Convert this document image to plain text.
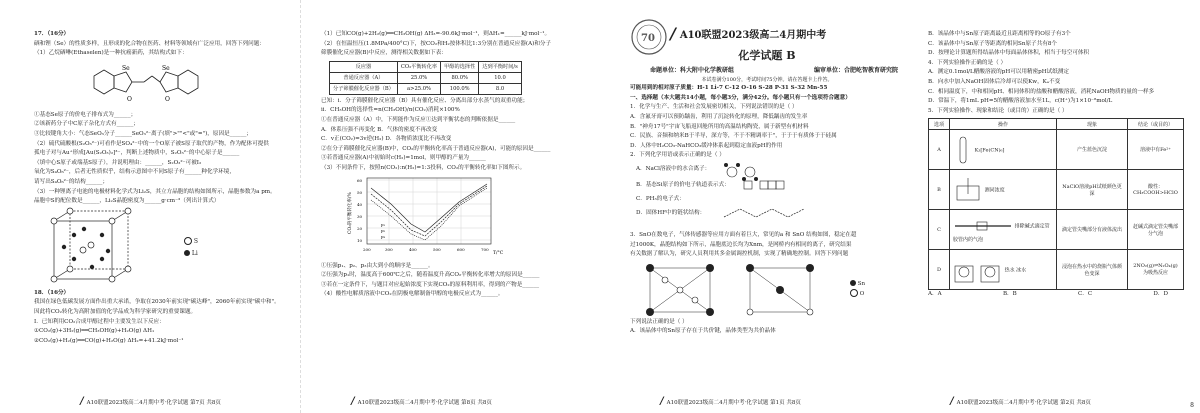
17．（16分）
硒和锂（Se）的性质多样，且形成的化合物在医药、材料等领域有广泛应用，回答下列问题：
（1）乙烷硒啉(Ethaselen)是一种抗癌新药，其结构式如下：
Se	Se
O	O
①基态Se原子的价电子排布式为______；
②该新药分子中C原子杂化方式有______；
③比较键角大小：气态SeO₃分子______SeO₃²⁻离子(填">""<"或"=")，原因是______；
（2）硫代硫酸根(S₂O₃²⁻)可看作是SO₄²⁻中的一个O原子被S原子取代的产物，作为配体可提供
孤电子对与Au⁺形成[Au(S₂O₃)₂]³⁻，判断上述物质中，S₂O₃²⁻的中心原子是______
（填中心S原子或端基S原子），并说明理由：______，S₂O₃²⁻可被I₂
氧化为S₄O₆²⁻，后者无性质似乎，结构示意图中不同S原子有______种化学环境，
请写出S₄O₆²⁻的结构______；
（3）一种锂离子电池的电极材料化学式为Li₂S，其立方晶胞的结构如图所示，晶胞参数为a pm。
晶胞中S的配位数是______，Li₂S晶胞密度为______g·cm⁻³（列出计算式）
S
Li
18．（16分）
我国在绿色低碳发展方面作出重大承诺，争取在2030年前实现"碳达峰"，2060年前实现"碳中和"。
因此将CO₂转化为高附加值的化学品成为科学家研究的重要课题。
Ⅰ．已知利用CO₂合成甲醇过程中主要发生以下反应：
①CO₂(g)+3H₂(g)══CH₃OH(g)+H₂O(g) ΔH₁
②CO₂(g)+H₂(g)══CO(g)+H₂O(g) ΔH₂=+41.2kJ·mol⁻¹
/ A10联盟2023级高二4月期中考·化学试题 第7页 共8页
（1）已知CO(g)+2H₂(g)══CH₃OH(g) ΔH₃=-90.6kJ·mol⁻¹，则ΔH₁=______kJ·mol⁻¹。
（2）在恒温恒压(1.8MPa/400°C)下，按CO₂和H₂按体积比1:3分别在普通反应器(A)和分子
筛膜催化反应器(B)中反应，测得相关数据如下表：
反应器	CO₂平衡转化率	甲醇的选择性	达到平衡时间/s
普通反应器（A）	25.0%	80.0%	10.0
分子筛膜催化反应器（B）	a>25.0%	100.0%	8.0
已知：i．分子筛膜催化反应器（B）具有催化反应、分离出部分水蒸气的双重功能；
ii．CH₃OH的选择性=n(CH₃OH)/n(CO₂)消耗×100%
①在普通反应器（A）中，下列能作为反应①达到平衡状态的判断依据是______
A．体系压强不再变化 B．气体的密度不再改变
C．v正(CO₂)=3v逆(H₂) D．各物质浓度比不再改变
②在分子筛膜催化反应器(B)中，CO₂的平衡转化率高于普通反应器(A)，可能的原因是______
③若普通反应器(A)中初始时c(H₂)=1mol，则甲醇的产量为______
（3）不同条件下，按照n(CO₂):n(H₂)=1:3投料，CO₂的平衡转化率如下图所示。
CO₂的平衡转化率/%
60
50
40
30
20
10
200	300	400	500	600	700
T/°C
p₁
p₂
p₃
①压强p₁、p₂、p₃由大到小的顺序是______。
②压强为p₁时，温度高于600℃之后，随着温度升高CO₂平衡转化率增大的原因是______
③若在一定条件下，与题目对应起始浓度下实现CO₂的原料利用率，得到的产物是______
（4）酸性电解质溶液中CO₂在阴极电解制备甲醇的电极反应式为______。
/ A10联盟2023级高二4月期中考·化学试题 第8页 共8页
70 / A10联盟2023级高二4月期中考
化学试题 B
命题单位：科大附中化学教研组	编审单位：合肥屹智教育研究院
本试卷满分100分，考试时间75分钟。请在答题卡上作答。
可能用到的相对原子质量：H-1 Li-7 C-12 O-16 S-28 P-31 S-32 Mn-55
一、选择题（本大题共14小题，每小题3分，满分42分。每小题只有一个选项符合题意）
1．化学与生产、生活和社会发展密切相关，下列说法错误的是（ ）
A．含氟牙膏可以预防龋齿，利用了沉淀转化的原理，降低龋齿的发生率
B．"神舟17号"宇宙飞船返回舱所用的高温结构陶瓷，属于新型有机材料
C．民族、音频和纳米B于半导，深方等，不于不精调率于"，于于于有质体于于硅属
D．人体中H₂CO₃-NaHCO₃缓冲体系起到稳定血液pH的作用
2．下列化学用语或表示正确的是（ ）
A．NaCl溶液中的水合离子：
B．基态Si原子的价电子轨道表示式：
C．PH₃的电子式：
D．固体HF中的链状结构：
3．SnO在数电子，气体传感器等应用方面有着巨大，常见的a 和 SnO 结构如图，稳定在超
过1000K，晶胞结构如下所示，晶胞底边长均为Xnm，是网桥内有相同的离子，研究结果
有关数据了解认为，研究人员利用其多金属调控机制，实现了精确地控制。回答下列问题
Sn
O
下列说法正确的是（ ）
A．该晶体中的Sn原子存在于共价键，晶体类型为共价晶体
/ A10联盟2023级高二4月期中考·化学试题 第1页 共8页
B．该晶体中与Sn原子距离最近且距离相等的O原子有3个
C．该晶体中与Sn原子等距离的相同Sn原子共有8个
D．按理论计算题所得结晶体中每面晶体体积，相当于每空可体积
4．下列实验操作正确的是（ ）
A．测定0.1mol/L醋酸溶液的pH可以用精密pH试纸测定
B．向水中加入NaOH固体后冷却可以使Kw，Kₐ不变
C．相同温度下，中和相同pH、相同体积的盐酸和醋酸溶液，消耗NaOH物质的量的一样多
D．常温下，将1mL pH=5的醋酸溶液加水至1L，c(H⁺)为1×10⁻⁸mol/L
5．下列实验操作、现象和结论（或目的）正确的是（ ）
选项	操作	现象	结论（或目的）
A	K₃[Fe(CN)₆]	产生蓝色沉淀	溶液中有Fe²⁺
B	测同浓度	NaClO溶液pH试纸颜色更深	酸性：CH₃COOH>HClO
C	排除碱式滴定管胶管内的气泡	滴定管尖嘴部分有液体流出	赶碱式滴定管尖嘴部分气泡
D	热水 冰水	浸泡在热水中的烧瓶气体颜色变深	2NO₂(g)⇌N₂O₄(g)为吸热反应
A．A	B．B	C．C	D．D
/ A10联盟2023级高二4月期中考·化学试题 第2页 共8页	8
